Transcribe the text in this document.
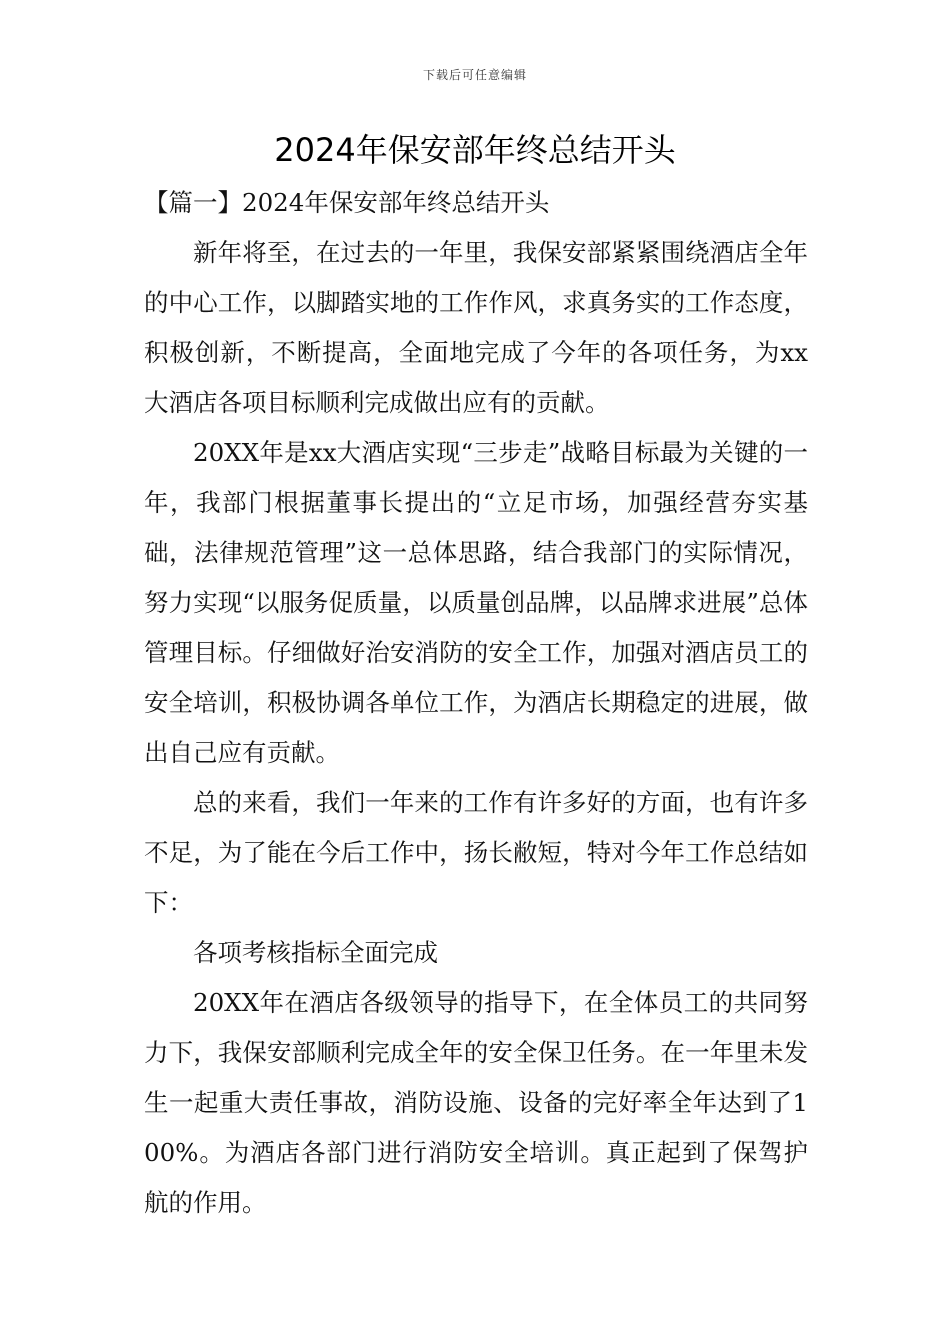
下载后可任意编辑
2024年保安部年终总结开头

【篇一】2024年保安部年终总结开头

新年将至，在过去的一年里，我保安部紧紧围绕酒店全年的中心工作，以脚踏实地的工作作风，求真务实的工作态度，积极创新，不断提高，全面地完成了今年的各项任务，为xx大酒店各项目标顺利完成做出应有的贡献。

20XX年是xx大酒店实现“三步走”战略目标最为关键的一年，我部门根据董事长提出的“立足市场，加强经营夯实基础，法律规范管理”这一总体思路，结合我部门的实际情况，努力实现“以服务促质量，以质量创品牌，以品牌求进展”总体管理目标。仔细做好治安消防的安全工作，加强对酒店员工的安全培训，积极协调各单位工作，为酒店长期稳定的进展，做出自己应有贡献。

总的来看，我们一年来的工作有许多好的方面，也有许多不足，为了能在今后工作中，扬长敝短，特对今年工作总结如下：

各项考核指标全面完成

20XX年在酒店各级领导的指导下，在全体员工的共同努力下，我保安部顺利完成全年的安全保卫任务。在一年里未发生一起重大责任事故，消防设施、设备的完好率全年达到了100%。为酒店各部门进行消防安全培训。真正起到了保驾护航的作用。
